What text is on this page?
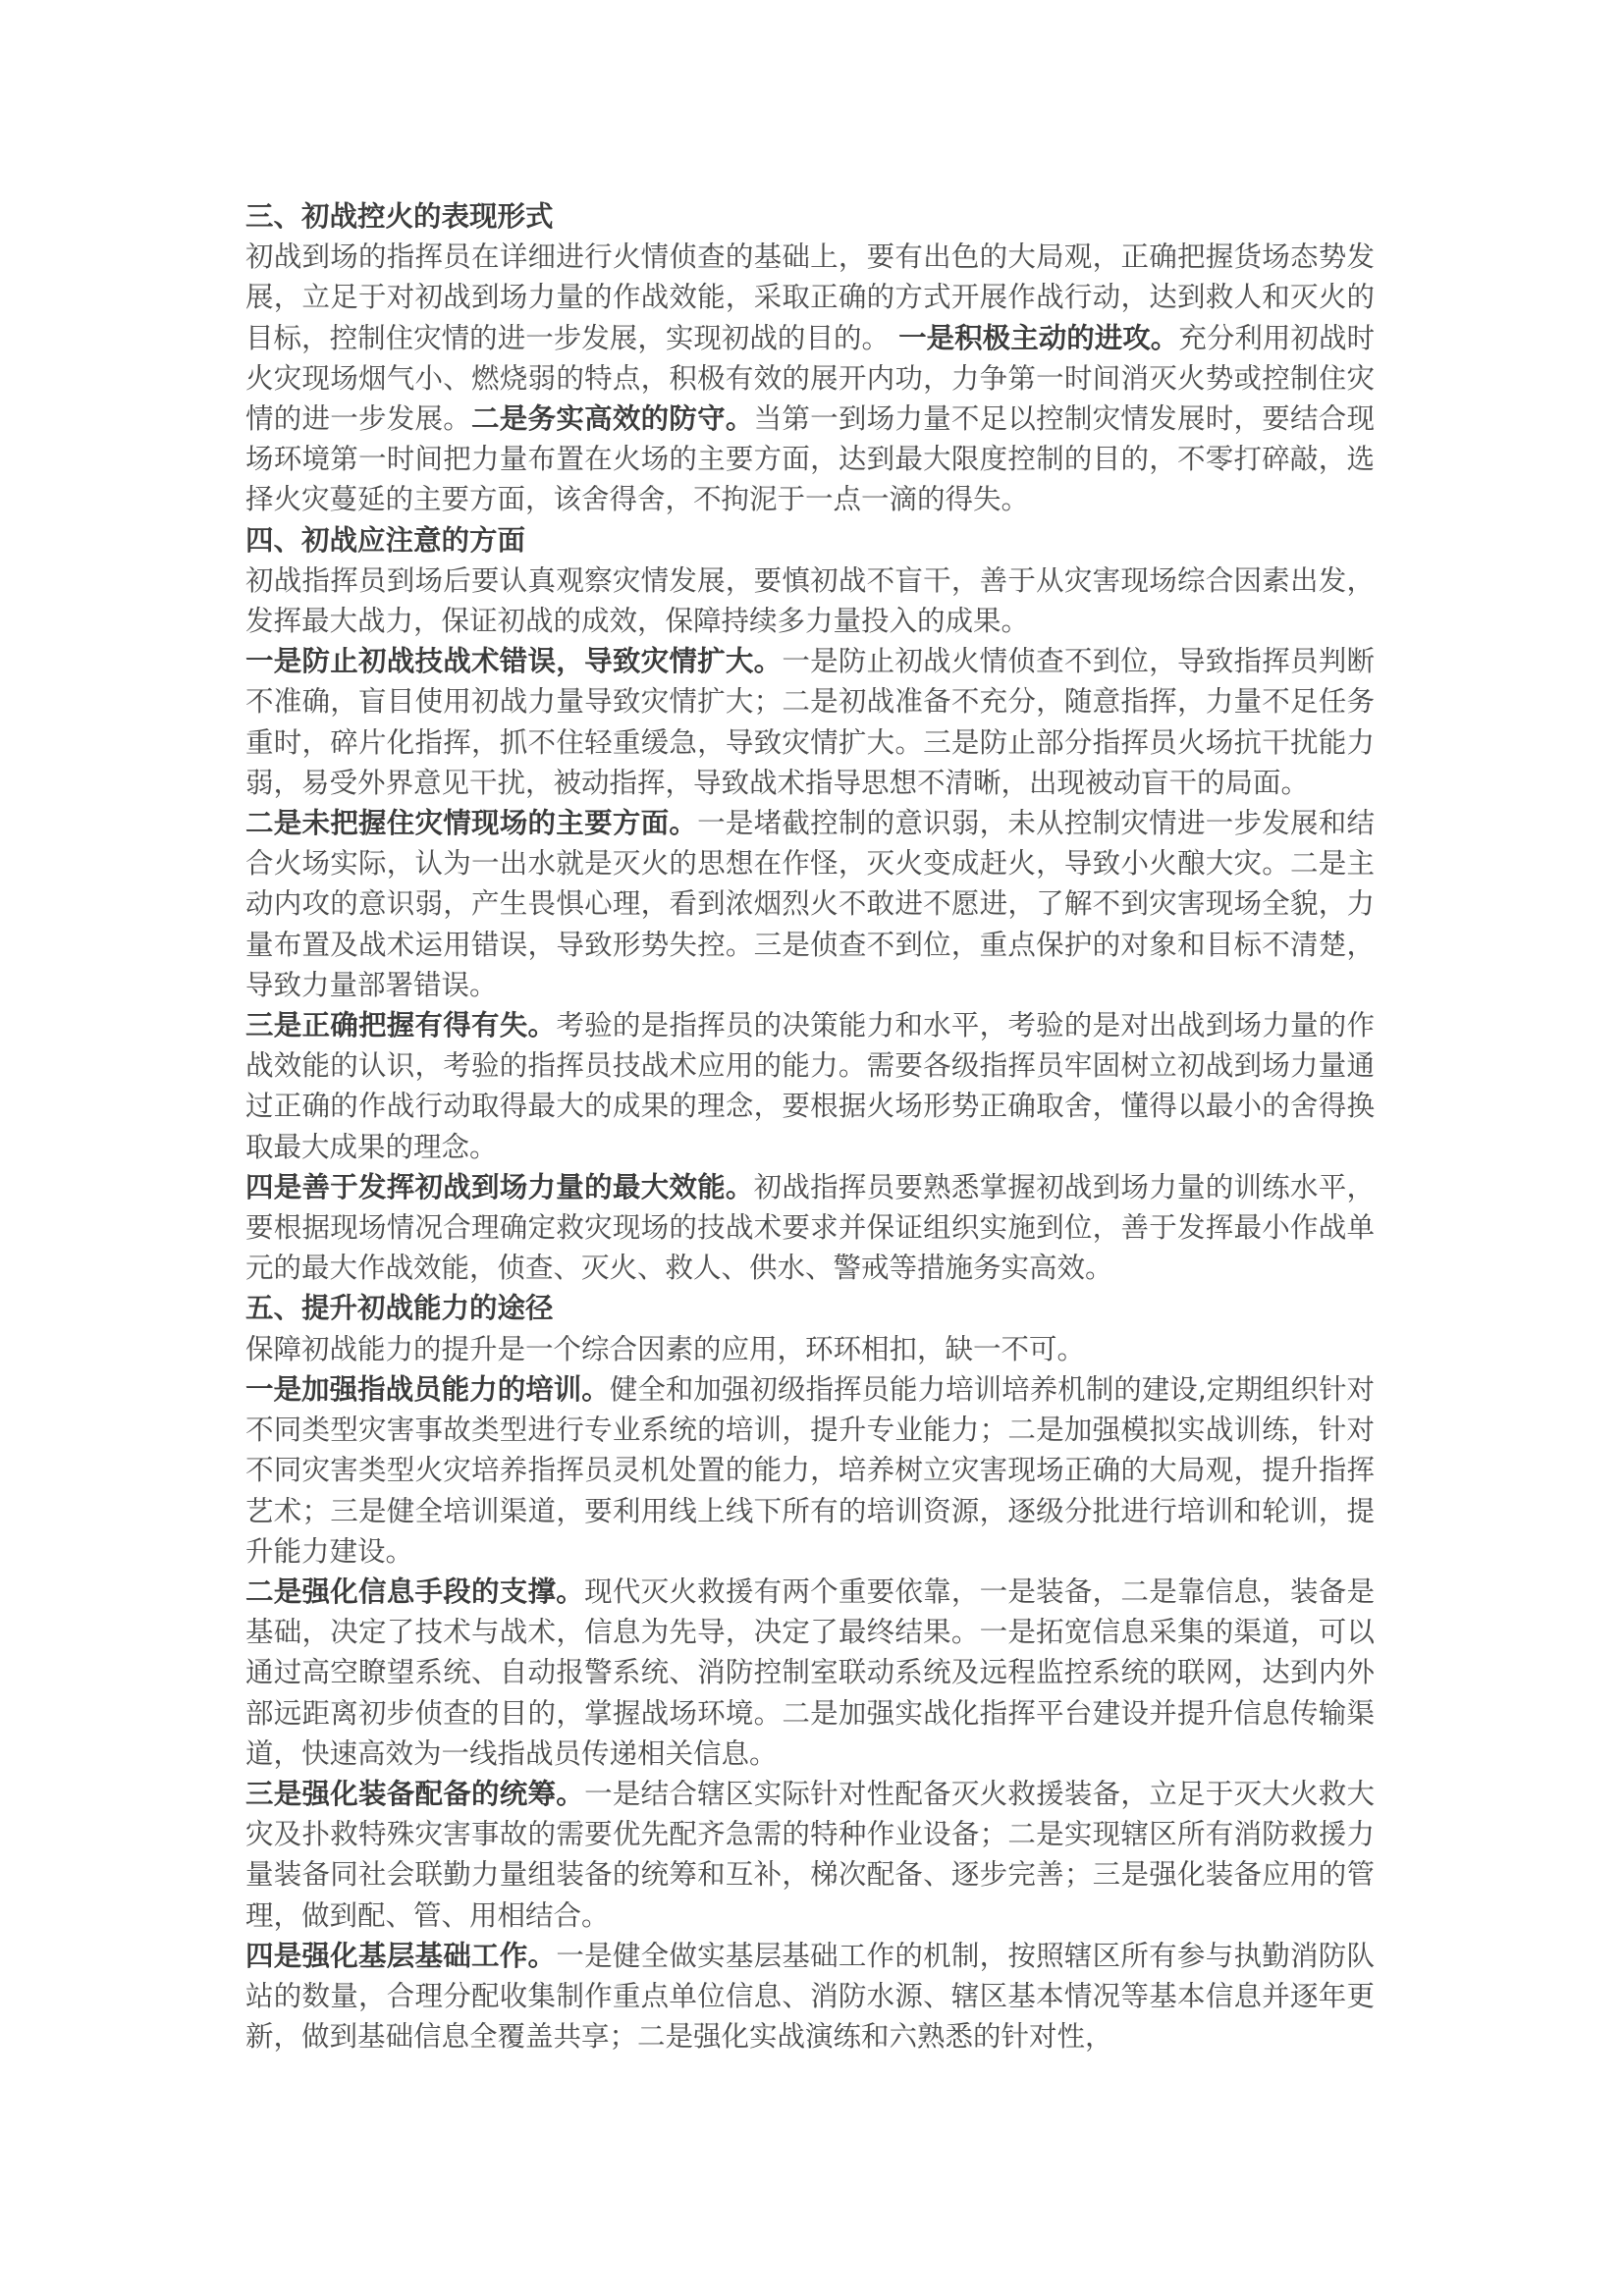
三、初战控火的表现形式

初战到场的指挥员在详细进行火情侦查的基础上，要有出色的大局观，正确把握货场态势发展，立足于对初战到场力量的作战效能，采取正确的方式开展作战行动，达到救人和灭火的目标，控制住灾情的进一步发展，实现初战的目的。 一是积极主动的进攻。充分利用初战时火灾现场烟气小、燃烧弱的特点，积极有效的展开内功，力争第一时间消灭火势或控制住灾情的进一步发展。二是务实高效的防守。当第一到场力量不足以控制灾情发展时，要结合现场环境第一时间把力量布置在火场的主要方面，达到最大限度控制的目的，不零打碎敲，选择火灾蔓延的主要方面，该舍得舍，不拘泥于一点一滴的得失。

四、初战应注意的方面

初战指挥员到场后要认真观察灾情发展，要慎初战不盲干，善于从灾害现场综合因素出发，发挥最大战力，保证初战的成效，保障持续多力量投入的成果。

一是防止初战技战术错误，导致灾情扩大。一是防止初战火情侦查不到位，导致指挥员判断不准确，盲目使用初战力量导致灾情扩大；二是初战准备不充分，随意指挥，力量不足任务重时，碎片化指挥，抓不住轻重缓急，导致灾情扩大。三是防止部分指挥员火场抗干扰能力弱，易受外界意见干扰，被动指挥，导致战术指导思想不清晰，出现被动盲干的局面。

二是未把握住灾情现场的主要方面。一是堵截控制的意识弱，未从控制灾情进一步发展和结合火场实际，认为一出水就是灭火的思想在作怪，灭火变成赶火，导致小火酿大灾。二是主动内攻的意识弱，产生畏惧心理，看到浓烟烈火不敢进不愿进，了解不到灾害现场全貌，力量布置及战术运用错误，导致形势失控。三是侦查不到位，重点保护的对象和目标不清楚，导致力量部署错误。

三是正确把握有得有失。考验的是指挥员的决策能力和水平，考验的是对出战到场力量的作战效能的认识，考验的指挥员技战术应用的能力。需要各级指挥员牢固树立初战到场力量通过正确的作战行动取得最大的成果的理念，要根据火场形势正确取舍，懂得以最小的舍得换取最大成果的理念。

四是善于发挥初战到场力量的最大效能。初战指挥员要熟悉掌握初战到场力量的训练水平，要根据现场情况合理确定救灾现场的技战术要求并保证组织实施到位，善于发挥最小作战单元的最大作战效能，侦查、灭火、救人、供水、警戒等措施务实高效。

五、提升初战能力的途径

保障初战能力的提升是一个综合因素的应用，环环相扣，缺一不可。

一是加强指战员能力的培训。健全和加强初级指挥员能力培训培养机制的建设,定期组织针对不同类型灾害事故类型进行专业系统的培训，提升专业能力；二是加强模拟实战训练，针对不同灾害类型火灾培养指挥员灵机处置的能力，培养树立灾害现场正确的大局观，提升指挥艺术；三是健全培训渠道，要利用线上线下所有的培训资源，逐级分批进行培训和轮训，提升能力建设。

二是强化信息手段的支撑。现代灭火救援有两个重要依靠，一是装备，二是靠信息，装备是基础，决定了技术与战术，信息为先导，决定了最终结果。一是拓宽信息采集的渠道，可以通过高空瞭望系统、自动报警系统、消防控制室联动系统及远程监控系统的联网，达到内外部远距离初步侦查的目的，掌握战场环境。二是加强实战化指挥平台建设并提升信息传输渠道，快速高效为一线指战员传递相关信息。

三是强化装备配备的统筹。一是结合辖区实际针对性配备灭火救援装备，立足于灭大火救大灾及扑救特殊灾害事故的需要优先配齐急需的特种作业设备；二是实现辖区所有消防救援力量装备同社会联勤力量组装备的统筹和互补，梯次配备、逐步完善；三是强化装备应用的管理，做到配、管、用相结合。

四是强化基层基础工作。一是健全做实基层基础工作的机制，按照辖区所有参与执勤消防队站的数量，合理分配收集制作重点单位信息、消防水源、辖区基本情况等基本信息并逐年更新，做到基础信息全覆盖共享；二是强化实战演练和六熟悉的针对性，
